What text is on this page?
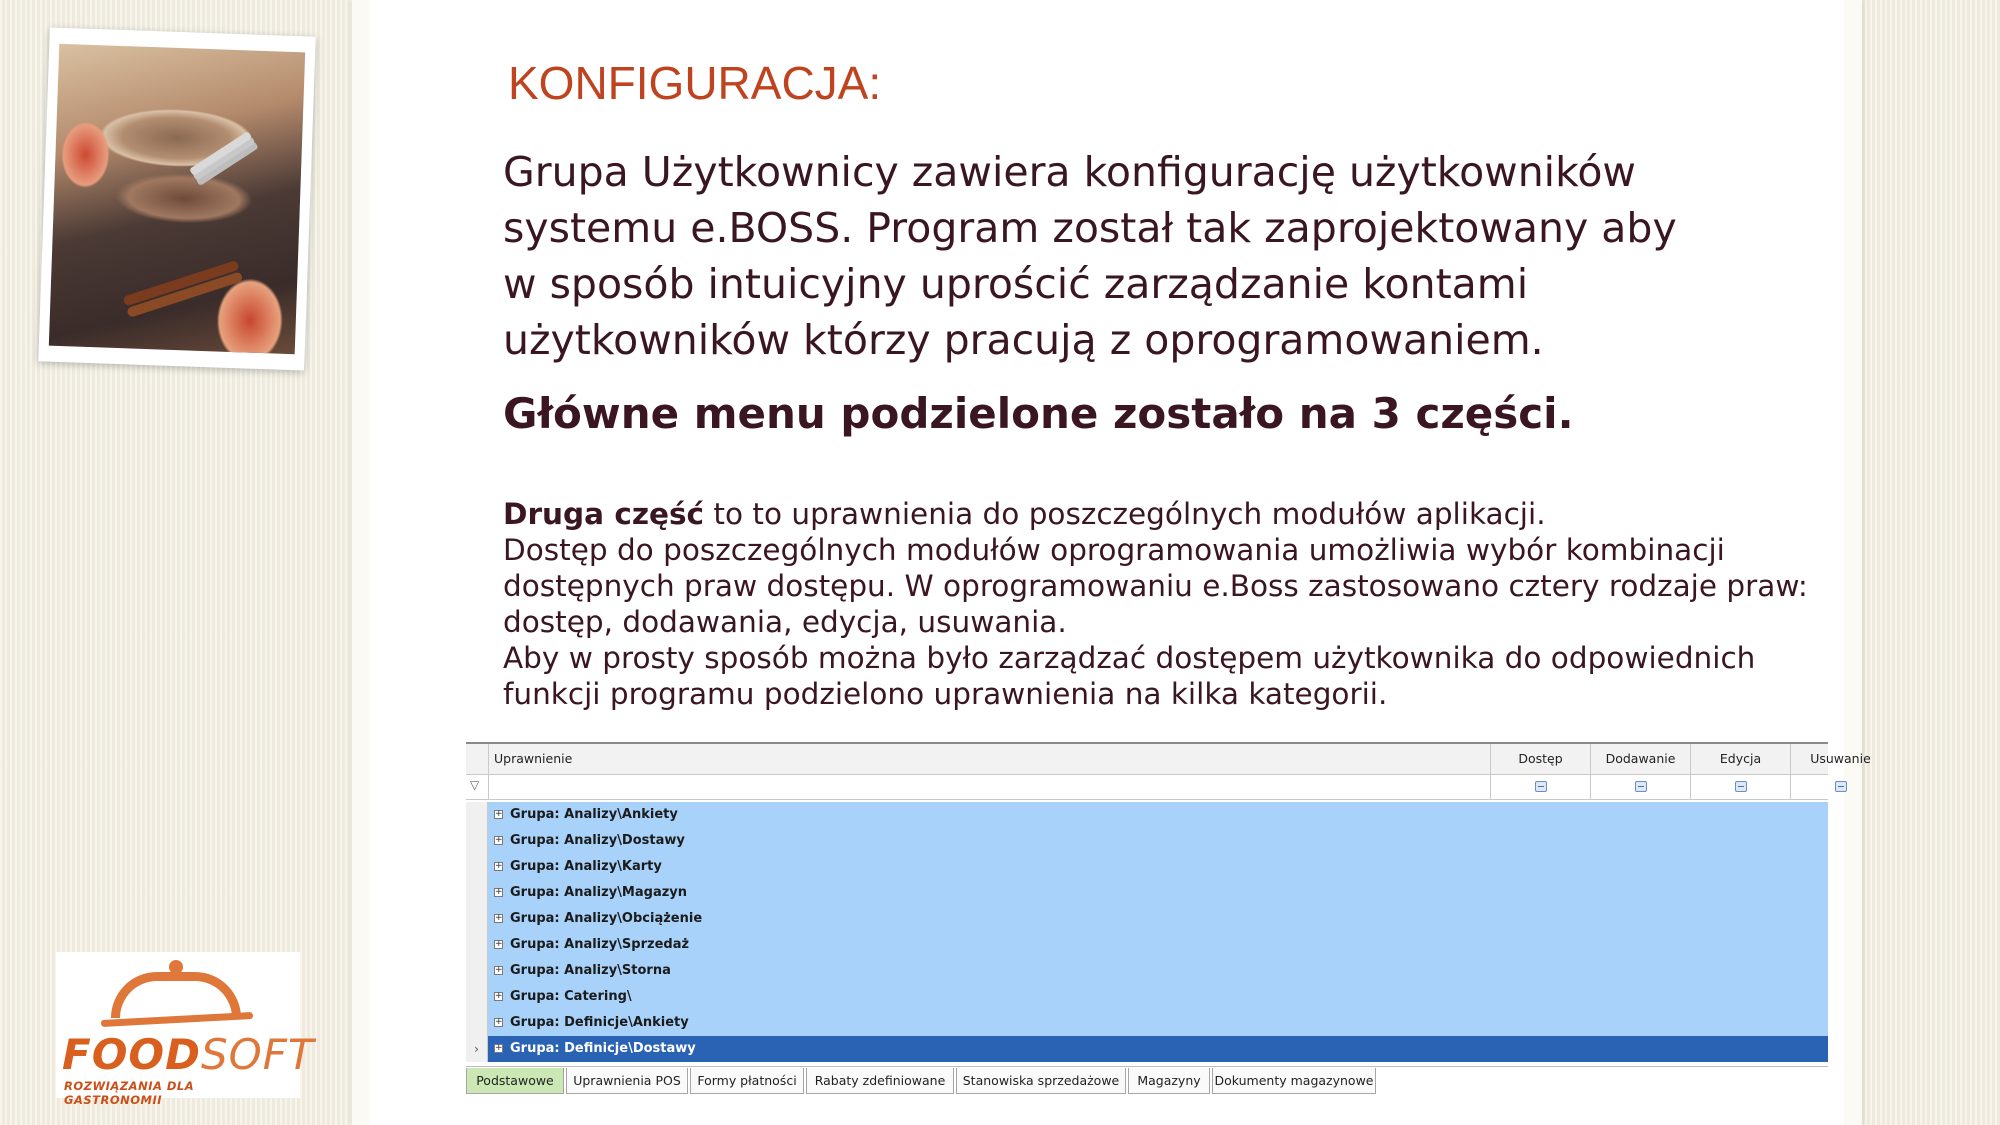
FOODSOFT
ROZWIĄZANIA DLA GASTRONOMII
KONFIGURACJA:

Grupa Użytkownicy zawiera konfigurację użytkowników

systemu e.BOSS. Program został tak zaprojektowany aby

w sposób intuicyjny uprościć zarządzanie kontami

użytkowników którzy pracują z oprogramowaniem.

Główne menu podzielone zostało na 3 części.

Druga część to to uprawnienia do poszczególnych modułów aplikacji.

Dostęp do poszczególnych modułów oprogramowania umożliwia wybór kombinacji

dostępnych praw dostępu. W oprogramowaniu e.Boss zastosowano cztery rodzaje praw:

dostęp, dodawania, edycja, usuwania.

Aby w prosty sposób można było zarządzać dostępem użytkownika do odpowiednich

funkcji programu podzielono uprawnienia na kilka kategorii.

Uprawnienie	Dostęp	Dodawanie	Edycja	Usuwanie
▽
+ Grupa: Analizy\Ankiety
+ Grupa: Analizy\Dostawy
+ Grupa: Analizy\Karty
+ Grupa: Analizy\Magazyn
+ Grupa: Analizy\Obciążenie
+ Grupa: Analizy\Sprzedaż
+ Grupa: Analizy\Storna
+ Grupa: Catering\
+ Grupa: Definicje\Ankiety
›	+ Grupa: Definicje\Dostawy
Podstawowe	Uprawnienia POS	Formy płatności	Rabaty zdefiniowane	Stanowiska sprzedażowe	Magazyny	Dokumenty magazynowe
